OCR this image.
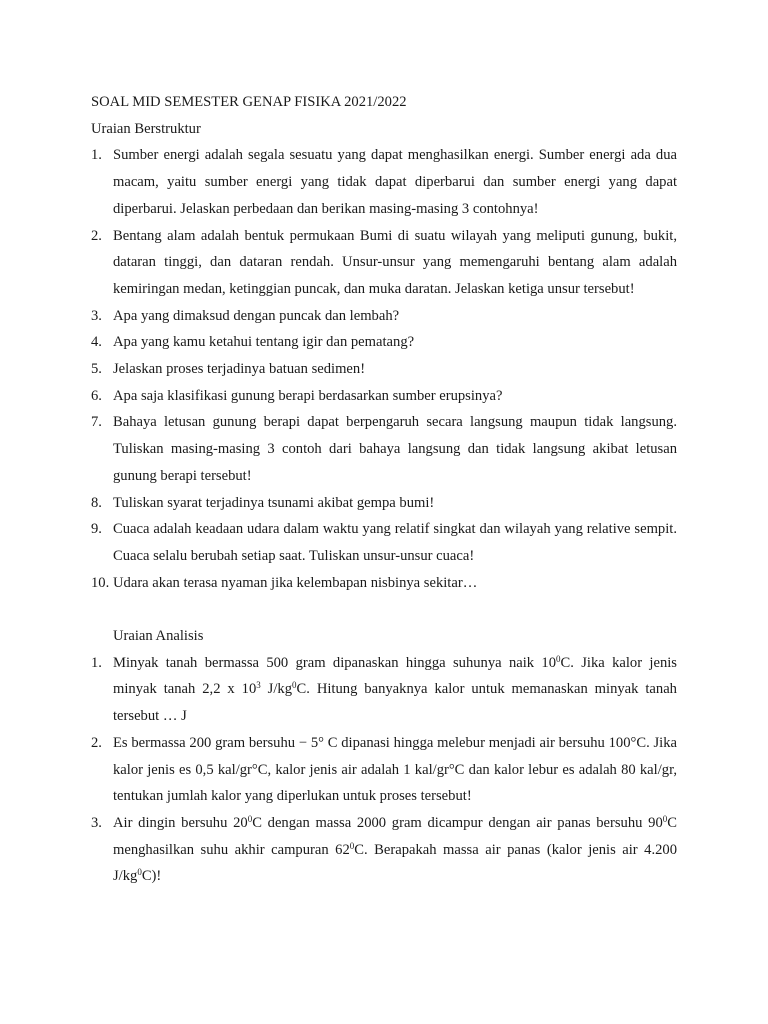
SOAL MID SEMESTER GENAP FISIKA 2021/2022

Uraian Berstruktur

1. Sumber energi adalah segala sesuatu yang dapat menghasilkan energi. Sumber energi ada dua macam, yaitu sumber energi yang tidak dapat diperbarui dan sumber energi yang dapat diperbarui. Jelaskan perbedaan dan berikan masing-masing 3 contohnya!
2. Bentang alam adalah bentuk permukaan Bumi di suatu wilayah yang meliputi gunung, bukit, dataran tinggi, dan dataran rendah. Unsur-unsur yang memengaruhi bentang alam adalah kemiringan medan, ketinggian puncak, dan muka daratan. Jelaskan ketiga unsur tersebut!
3. Apa yang dimaksud dengan puncak dan lembah?
4. Apa yang kamu ketahui tentang igir dan pematang?
5. Jelaskan proses terjadinya batuan sedimen!
6. Apa saja klasifikasi gunung berapi berdasarkan sumber erupsinya?
7. Bahaya letusan gunung berapi dapat berpengaruh secara langsung maupun tidak langsung. Tuliskan masing-masing 3 contoh dari bahaya langsung dan tidak langsung akibat letusan gunung berapi tersebut!
8. Tuliskan syarat terjadinya tsunami akibat gempa bumi!
9. Cuaca adalah keadaan udara dalam waktu yang relatif singkat dan wilayah yang relative sempit. Cuaca selalu berubah setiap saat. Tuliskan unsur-unsur cuaca!
10. Udara akan terasa nyaman jika kelembapan nisbinya sekitar…

Uraian Analisis

1. Minyak tanah bermassa 500 gram dipanaskan hingga suhunya naik $10^0C$. Jika kalor jenis minyak tanah 2,2 x $10^3$ $J/kg^0C$. Hitung banyaknya kalor untuk memanaskan minyak tanah tersebut … J
2. Es bermassa 200 gram bersuhu − 5° C dipanasi hingga melebur menjadi air bersuhu 100°C. Jika kalor jenis es 0,5 kal/gr°C, kalor jenis air adalah 1 kal/gr°C dan kalor lebur es adalah 80 kal/gr, tentukan jumlah kalor yang diperlukan untuk proses tersebut!
3. Air dingin bersuhu $20^0C$ dengan massa 2000 gram dicampur dengan air panas bersuhu $90^0C$ menghasilkan suhu akhir campuran $62^0C$. Berapakah massa air panas (kalor jenis air 4.200 $J/kg^0C$)!
